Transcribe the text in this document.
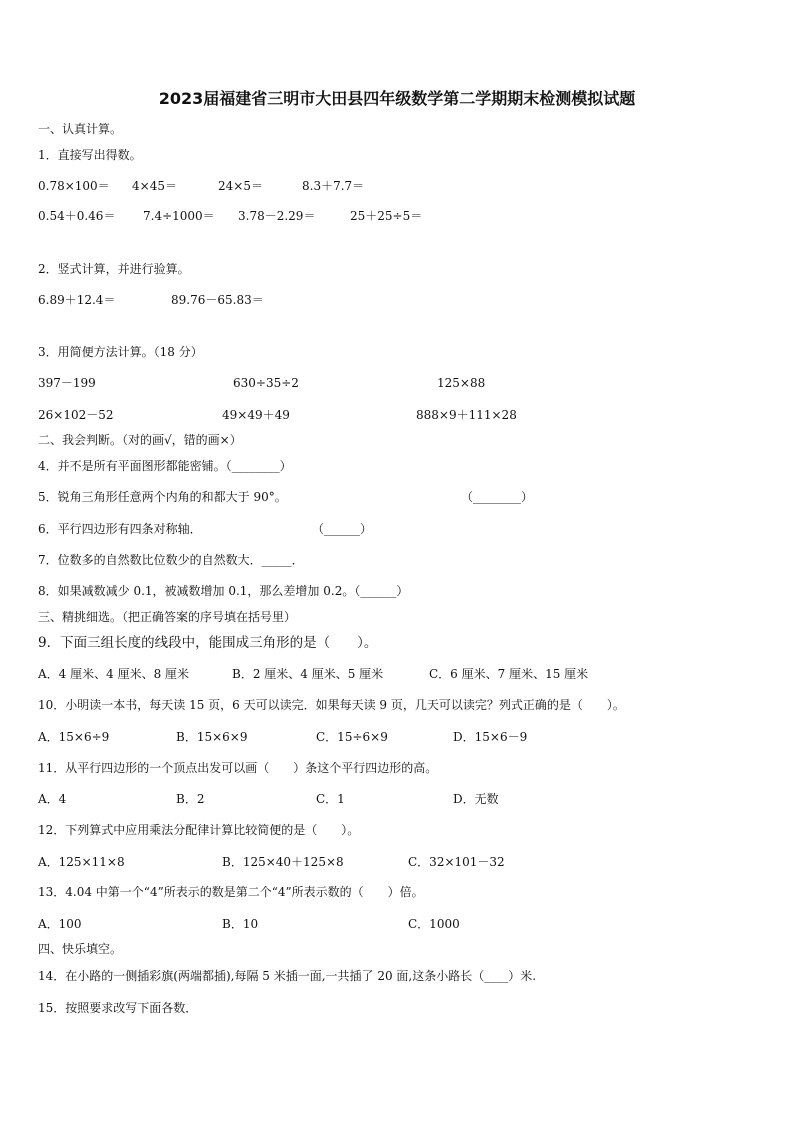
2023届福建省三明市大田县四年级数学第二学期期末检测模拟试题
一、认真计算。
1．直接写出得数。
0.78×100＝ 4×45＝	24×5＝	8.3＋7.7＝
0.54＋0.46＝ 7.4÷1000＝ 3.78－2.29＝	25＋25÷5＝
2．竖式计算，并进行验算。
6.89＋12.4＝	89.76－65.83＝
3．用简便方法计算。（18 分）
397－199	630÷35÷2	125×88
26×102－52	49×49＋49	888×9＋111×28
二、我会判断。（对的画√，错的画×）
4．并不是所有平面图形都能密铺。（________）
5．锐角三角形任意两个内角的和都大于 90°。	（________）
6．平行四边形有四条对称轴．	（______）
7．位数多的自然数比位数少的自然数大．_____．
8．如果减数减少 0.1，被减数增加 0.1，那么差增加 0.2。（______）
三、精挑细选。（把正确答案的序号填在括号里）
9．下面三组长度的线段中，能围成三角形的是（　　）。
A．4 厘米、4 厘米、8 厘米	B．2 厘米、4 厘米、5 厘米	C．6 厘米、7 厘米、15 厘米
10．小明读一本书，每天读 15 页，6 天可以读完．如果每天读 9 页，几天可以读完？列式正确的是（　　）。
A．15×6÷9	B．15×6×9	C．15÷6×9	D．15×6－9
11．从平行四边形的一个顶点出发可以画（　　）条这个平行四边形的高。
A．4	B．2	C．1	D．无数
12．下列算式中应用乘法分配律计算比较简便的是（　　）。
A．125×11×8	B．125×40＋125×8	C．32×101－32
13．4.04 中第一个“4”所表示的数是第二个“4”所表示数的（　　）倍。
A．100	B．10	C．1000
四、快乐填空。
14．在小路的一侧插彩旗(两端都插),每隔 5 米插一面,一共插了 20 面,这条小路长（____）米.
15．按照要求改写下面各数．
